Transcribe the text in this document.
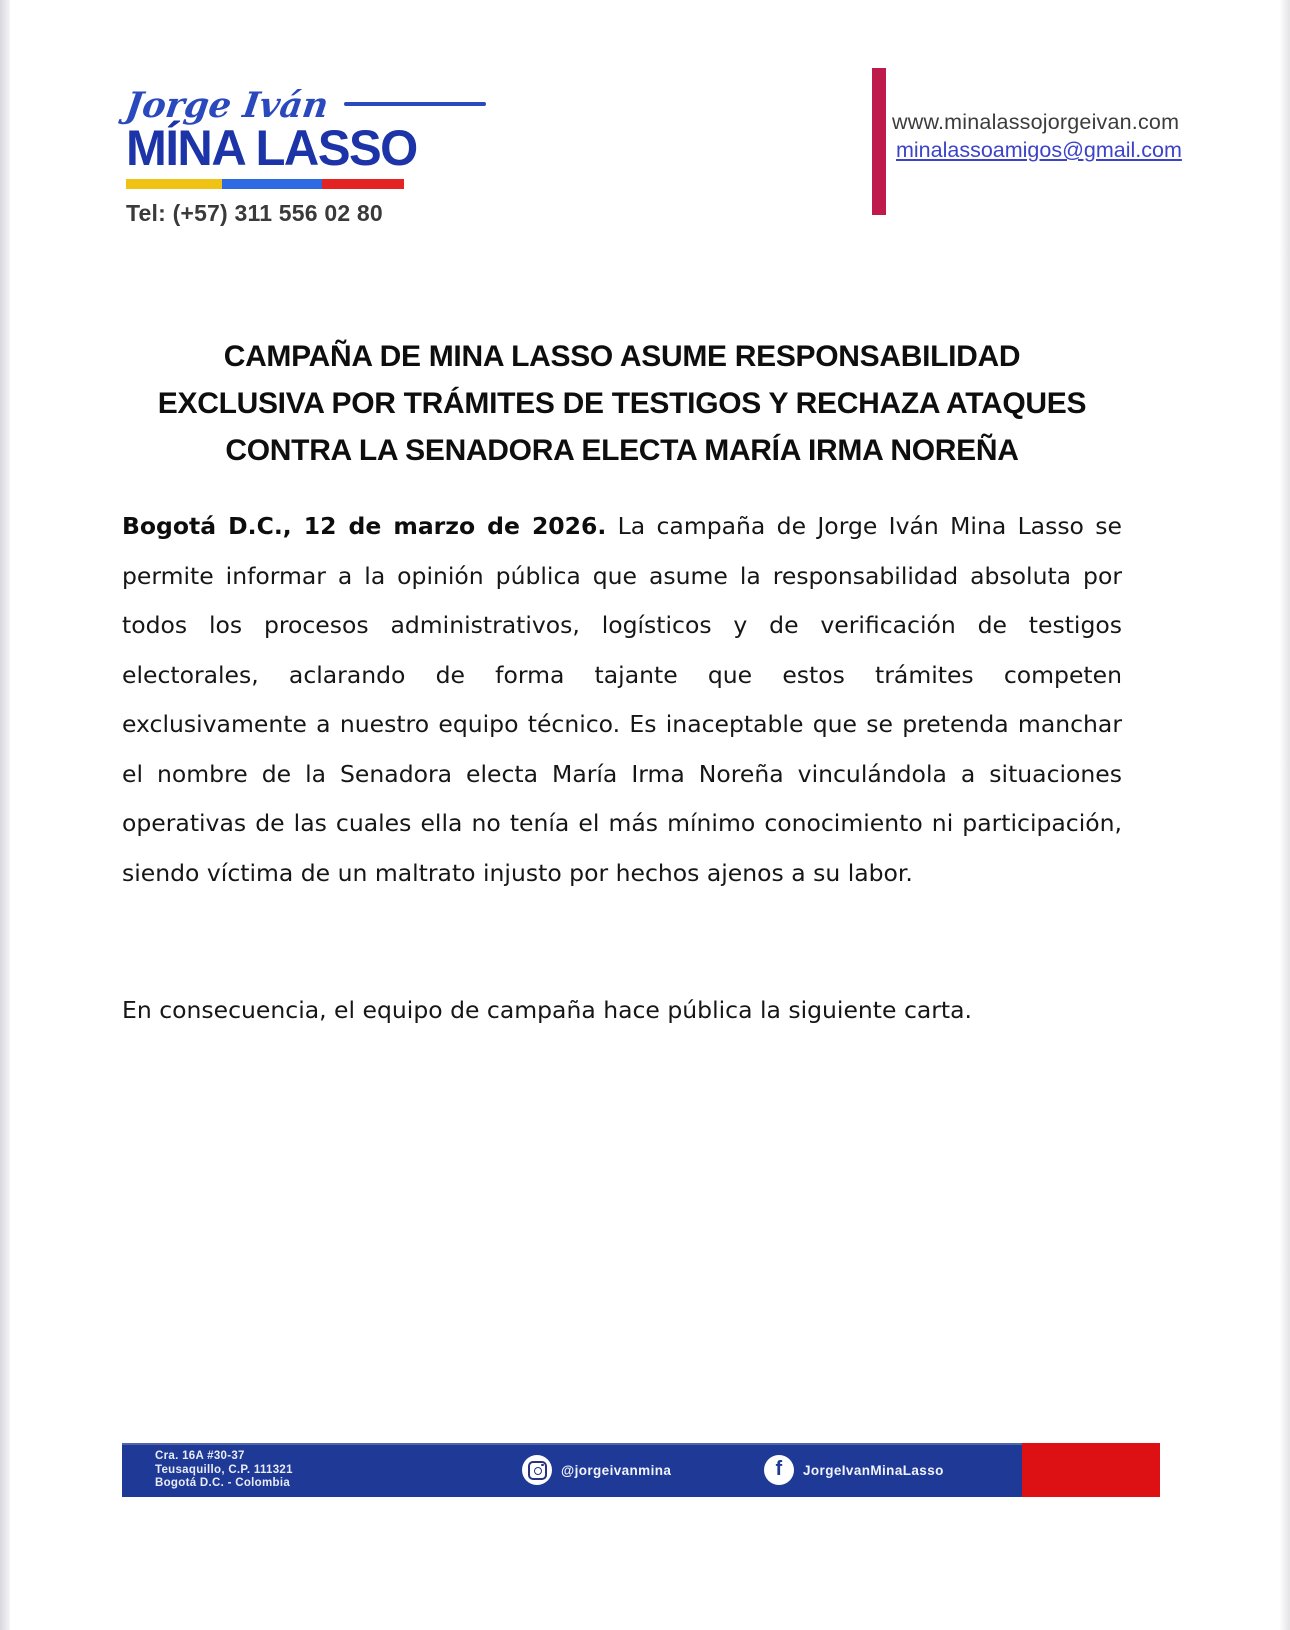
Jorge Iván
MÍNA LASSO
Tel: (+57) 311 556 02 80
www.minalassojorgeivan.com
minalassoamigos@gmail.com
CAMPAÑA DE MINA LASSO ASUME RESPONSABILIDAD
EXCLUSIVA POR TRÁMITES DE TESTIGOS Y RECHAZA ATAQUES
CONTRA LA SENADORA ELECTA MARÍA IRMA NOREÑA

Bogotá D.C., 12 de marzo de 2026. La campaña de Jorge Iván Mina Lasso se permite informar a la opinión pública que asume la responsabilidad absoluta por todos los procesos administrativos, logísticos y de verificación de testigos electorales, aclarando de forma tajante que estos trámites competen exclusivamente a nuestro equipo técnico. Es inaceptable que se pretenda manchar el nombre de la Senadora electa María Irma Noreña vinculándola a situaciones operativas de las cuales ella no tenía el más mínimo conocimiento ni participación, siendo víctima de un maltrato injusto por hechos ajenos a su labor.

En consecuencia, el equipo de campaña hace pública la siguiente carta.

Cra. 16A #30-37
Teusaquillo, C.P. 111321
Bogotá D.C. - Colombia
@jorgeivanmina	f JorgeIvanMinaLasso
